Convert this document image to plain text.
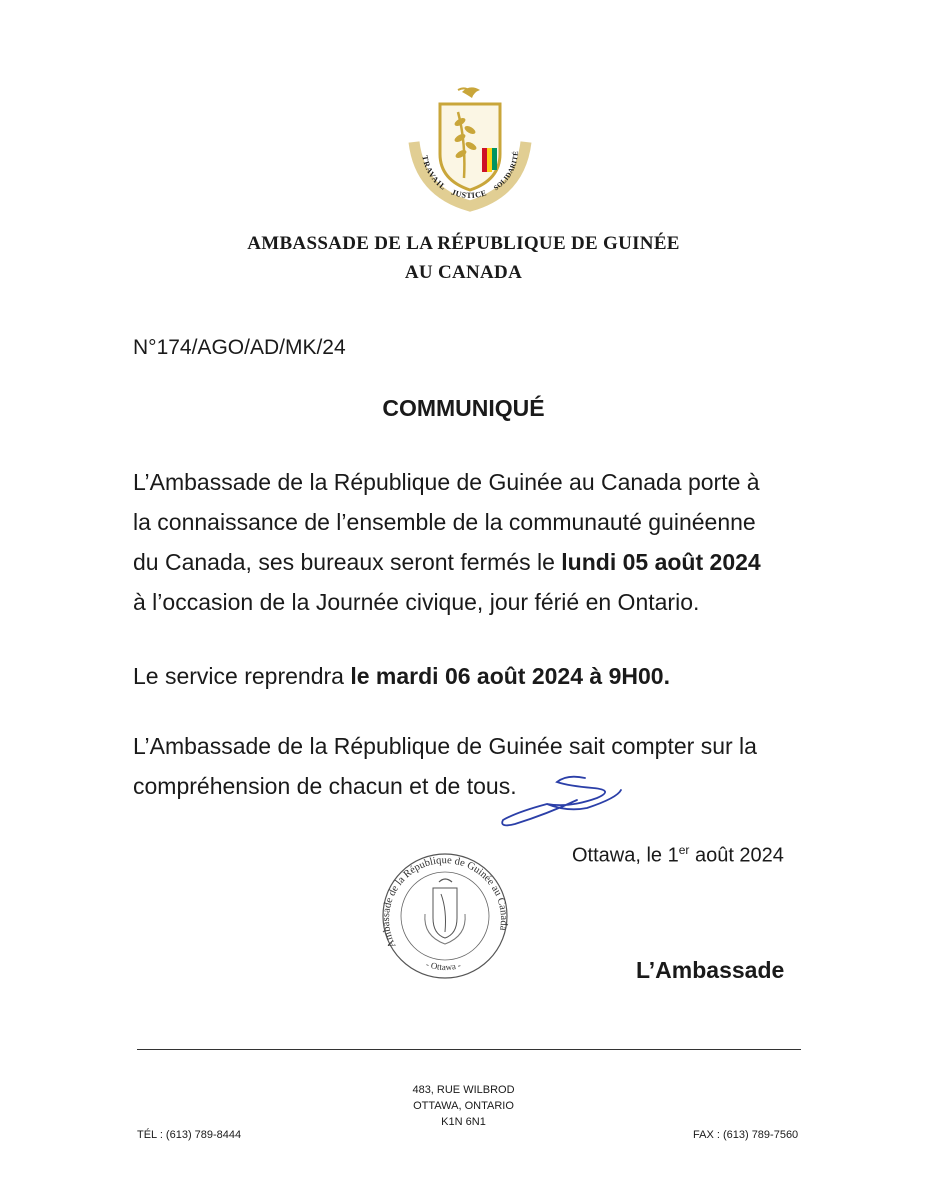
TRAVAIL
JUSTICE
SOLIDARITÉ
AMBASSADE DE LA RÉPUBLIQUE DE GUINÉE
AU CANADA
N°174/AGO/AD/MK/24
COMMUNIQUÉ
L’Ambassade de la République de Guinée au Canada porte à
la connaissance de l’ensemble de la communauté guinéenne
du Canada, ses bureaux seront fermés le lundi 05 août 2024
à l’occasion de la Journée civique, jour férié en Ontario.
Le service reprendra le mardi 06 août 2024 à 9H00.
L’Ambassade de la République de Guinée sait compter sur la
compréhension de chacun et de tous.
Ottawa, le 1er août 2024
Ambassade de la République de Guinée au Canada
- Ottawa -	L’Ambassade
483, RUE WILBROD
OTTAWA, ONTARIO
K1N 6N1
TÉL : (613) 789-8444	FAX : (613) 789-7560
